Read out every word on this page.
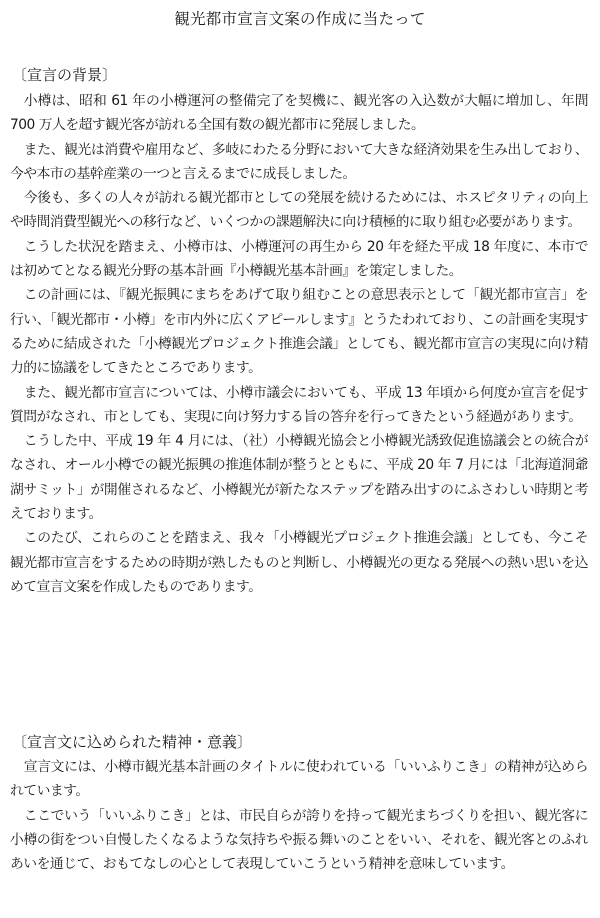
観光都市宣言文案の作成に当たって
〔宣言の背景〕

小樽は、昭和 61 年の小樽運河の整備完了を契機に、観光客の入込数が大幅に増加し、年間 700 万人を超す観光客が訪れる全国有数の観光都市に発展しました。

また、観光は消費や雇用など、多岐にわたる分野において大きな経済効果を生み出しており、今や本市の基幹産業の一つと言えるまでに成長しました。

今後も、多くの人々が訪れる観光都市としての発展を続けるためには、ホスピタリティの向上や時間消費型観光への移行など、いくつかの課題解決に向け積極的に取り組む必要があります。

こうした状況を踏まえ、小樽市は、小樽運河の再生から 20 年を経た平成 18 年度に、本市では初めてとなる観光分野の基本計画『小樽観光基本計画』を策定しました。

この計画には、『観光振興にまちをあげて取り組むことの意思表示として「観光都市宣言」を行い、「観光都市・小樽」を市内外に広くアピールします』とうたわれており、この計画を実現するために結成された「小樽観光プロジェクト推進会議」としても、観光都市宣言の実現に向け精力的に協議をしてきたところであります。

また、観光都市宣言については、小樽市議会においても、平成 13 年頃から何度か宣言を促す質問がなされ、市としても、実現に向け努力する旨の答弁を行ってきたという経過があります。

こうした中、平成 19 年 4 月には、（社）小樽観光協会と小樽観光誘致促進協議会との統合がなされ、オール小樽での観光振興の推進体制が整うとともに、平成 20 年 7 月には「北海道洞爺湖サミット」が開催されるなど、小樽観光が新たなステップを踏み出すのにふさわしい時期と考えております。

このたび、これらのことを踏まえ、我々「小樽観光プロジェクト推進会議」としても、今こそ観光都市宣言をするための時期が熟したものと判断し、小樽観光の更なる発展への熱い思いを込めて宣言文案を作成したものであります。

〔宣言文に込められた精神・意義〕

宣言文には、小樽市観光基本計画のタイトルに使われている「いいふりこき」の精神が込められています。

ここでいう「いいふりこき」とは、市民自らが誇りを持って観光まちづくりを担い、観光客に小樽の街をつい自慢したくなるような気持ちや振る舞いのことをいい、それを、観光客とのふれあいを通じて、おもてなしの心として表現していこうという精神を意味しています。
